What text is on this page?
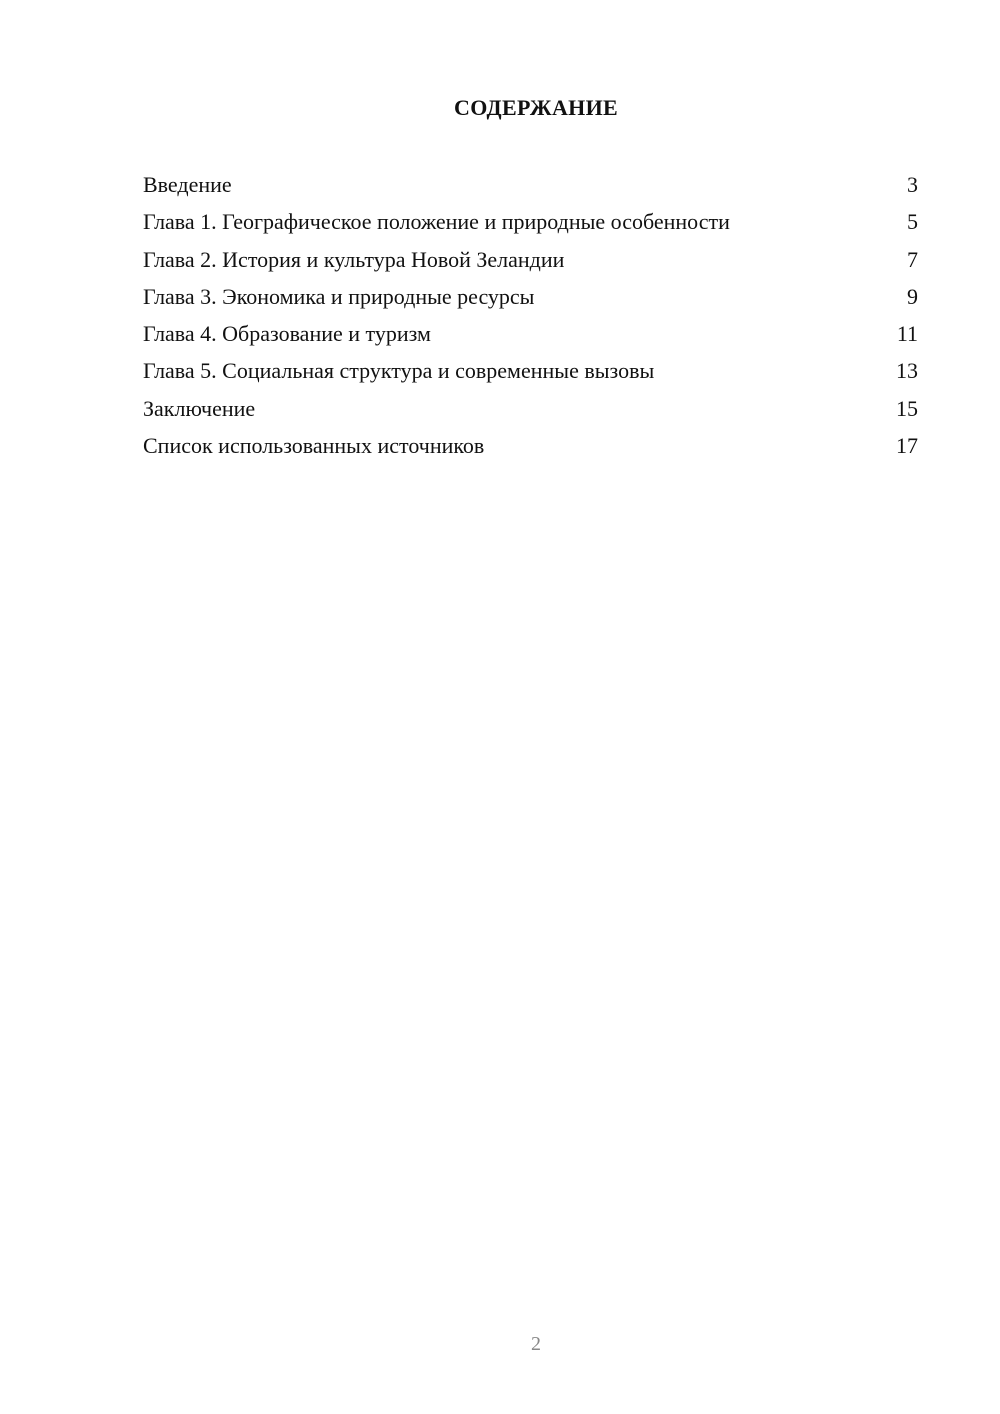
СОДЕРЖАНИЕ
Введение	3
Глава 1. Географическое положение и природные особенности	5
Глава 2. История и культура Новой Зеландии	7
Глава 3. Экономика и природные ресурсы	9
Глава 4. Образование и туризм	11
Глава 5. Социальная структура и современные вызовы	13
Заключение	15
Список использованных источников	17
2
